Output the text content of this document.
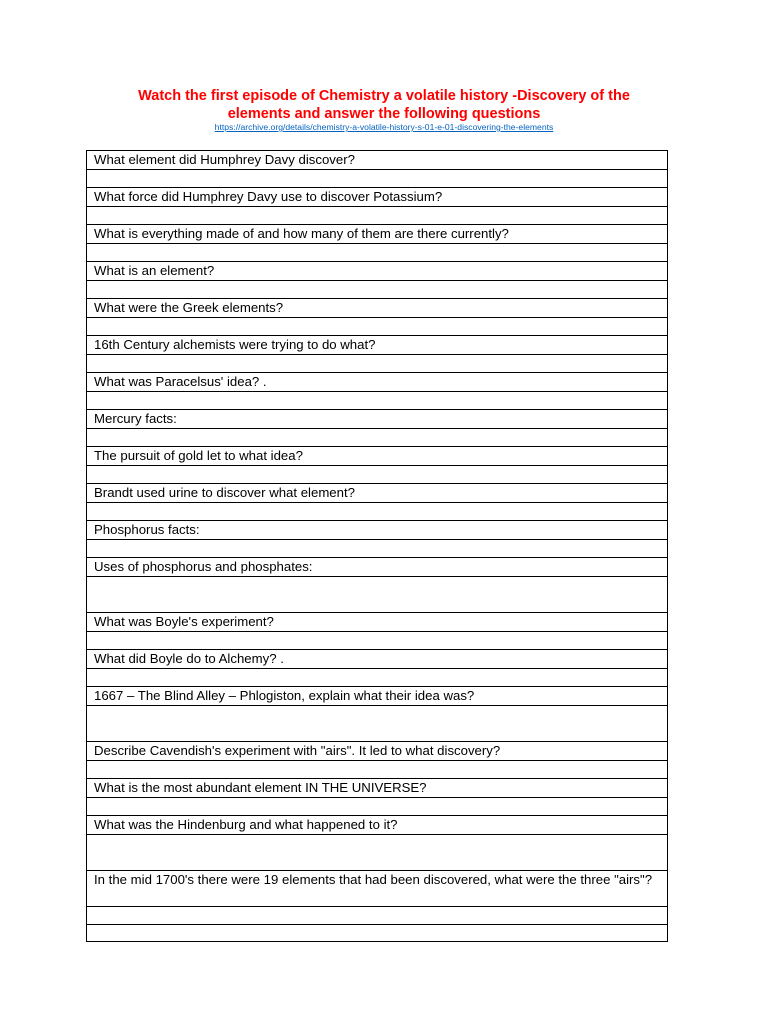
Watch the first episode of Chemistry a volatile history -Discovery of the
elements and answer the following questions
https://archive.org/details/chemistry-a-volatile-history-s-01-e-01-discovering-the-elements
What element did Humphrey Davy discover?
What force did Humphrey Davy use to discover Potassium?
What is everything made of and how many of them are there currently?
What is an element?
What were the Greek elements?
16th Century alchemists were trying to do what?
What was Paracelsus' idea? .
Mercury facts:
The pursuit of gold let to what idea?
Brandt used urine to discover what element?
Phosphorus facts:
Uses of phosphorus and phosphates:
What was Boyle's experiment?
What did Boyle do to Alchemy? .
1667 – The Blind Alley – Phlogiston, explain what their idea was?
Describe Cavendish's experiment with "airs". It led to what discovery?
What is the most abundant element IN THE UNIVERSE?
What was the Hindenburg and what happened to it?
In the mid 1700's there were 19 elements that had been discovered, what were the three "airs"?
